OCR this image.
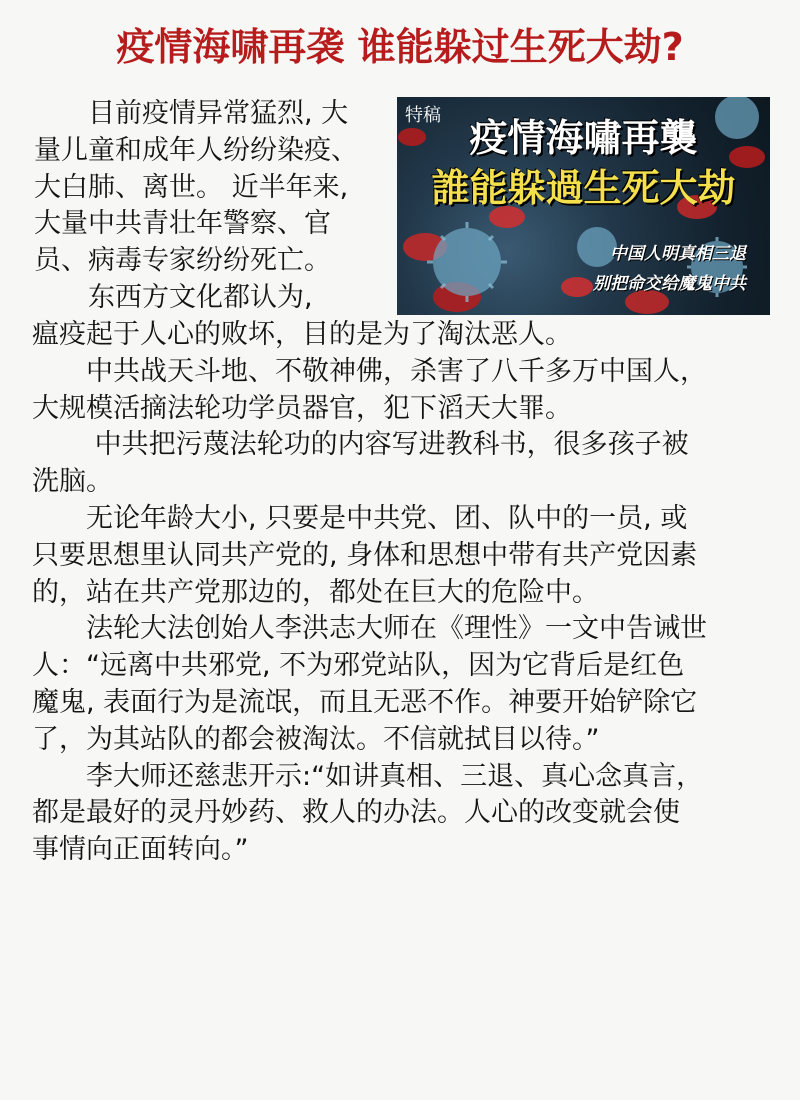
疫情海啸再袭 谁能躲过生死大劫?
特稿
疫情海嘯再襲
誰能躲過生死大劫
中国人明真相三退
别把命交给魔鬼中共
　　目前疫情异常猛烈, 大
量儿童和成年人纷纷染疫、
大白肺、离世。 近半年来,
大量中共青壮年警察、官
员、病毒专家纷纷死亡。
　　东西方文化都认为,
瘟疫起于人心的败坏，目的是为了淘汰恶人。
　　中共战天斗地、不敬神佛，杀害了八千多万中国人，
大规模活摘法轮功学员器官，犯下滔天大罪。
　　 中共把污蔑法轮功的内容写进教科书，很多孩子被
洗脑。
　　无论年龄大小, 只要是中共党、团、队中的一员, 或
只要思想里认同共产党的, 身体和思想中带有共产党因素
的，站在共产党那边的，都处在巨大的危险中。
　　法轮大法创始人李洪志大师在《理性》一文中告诫世
人：“远离中共邪党, 不为邪党站队，因为它背后是红色
魔鬼, 表面行为是流氓，而且无恶不作。神要开始铲除它
了，为其站队的都会被淘汰。不信就拭目以待。”
　　李大师还慈悲开示:“如讲真相、三退、真心念真言，
都是最好的灵丹妙药、救人的办法。人心的改变就会使
事情向正面转向。”
